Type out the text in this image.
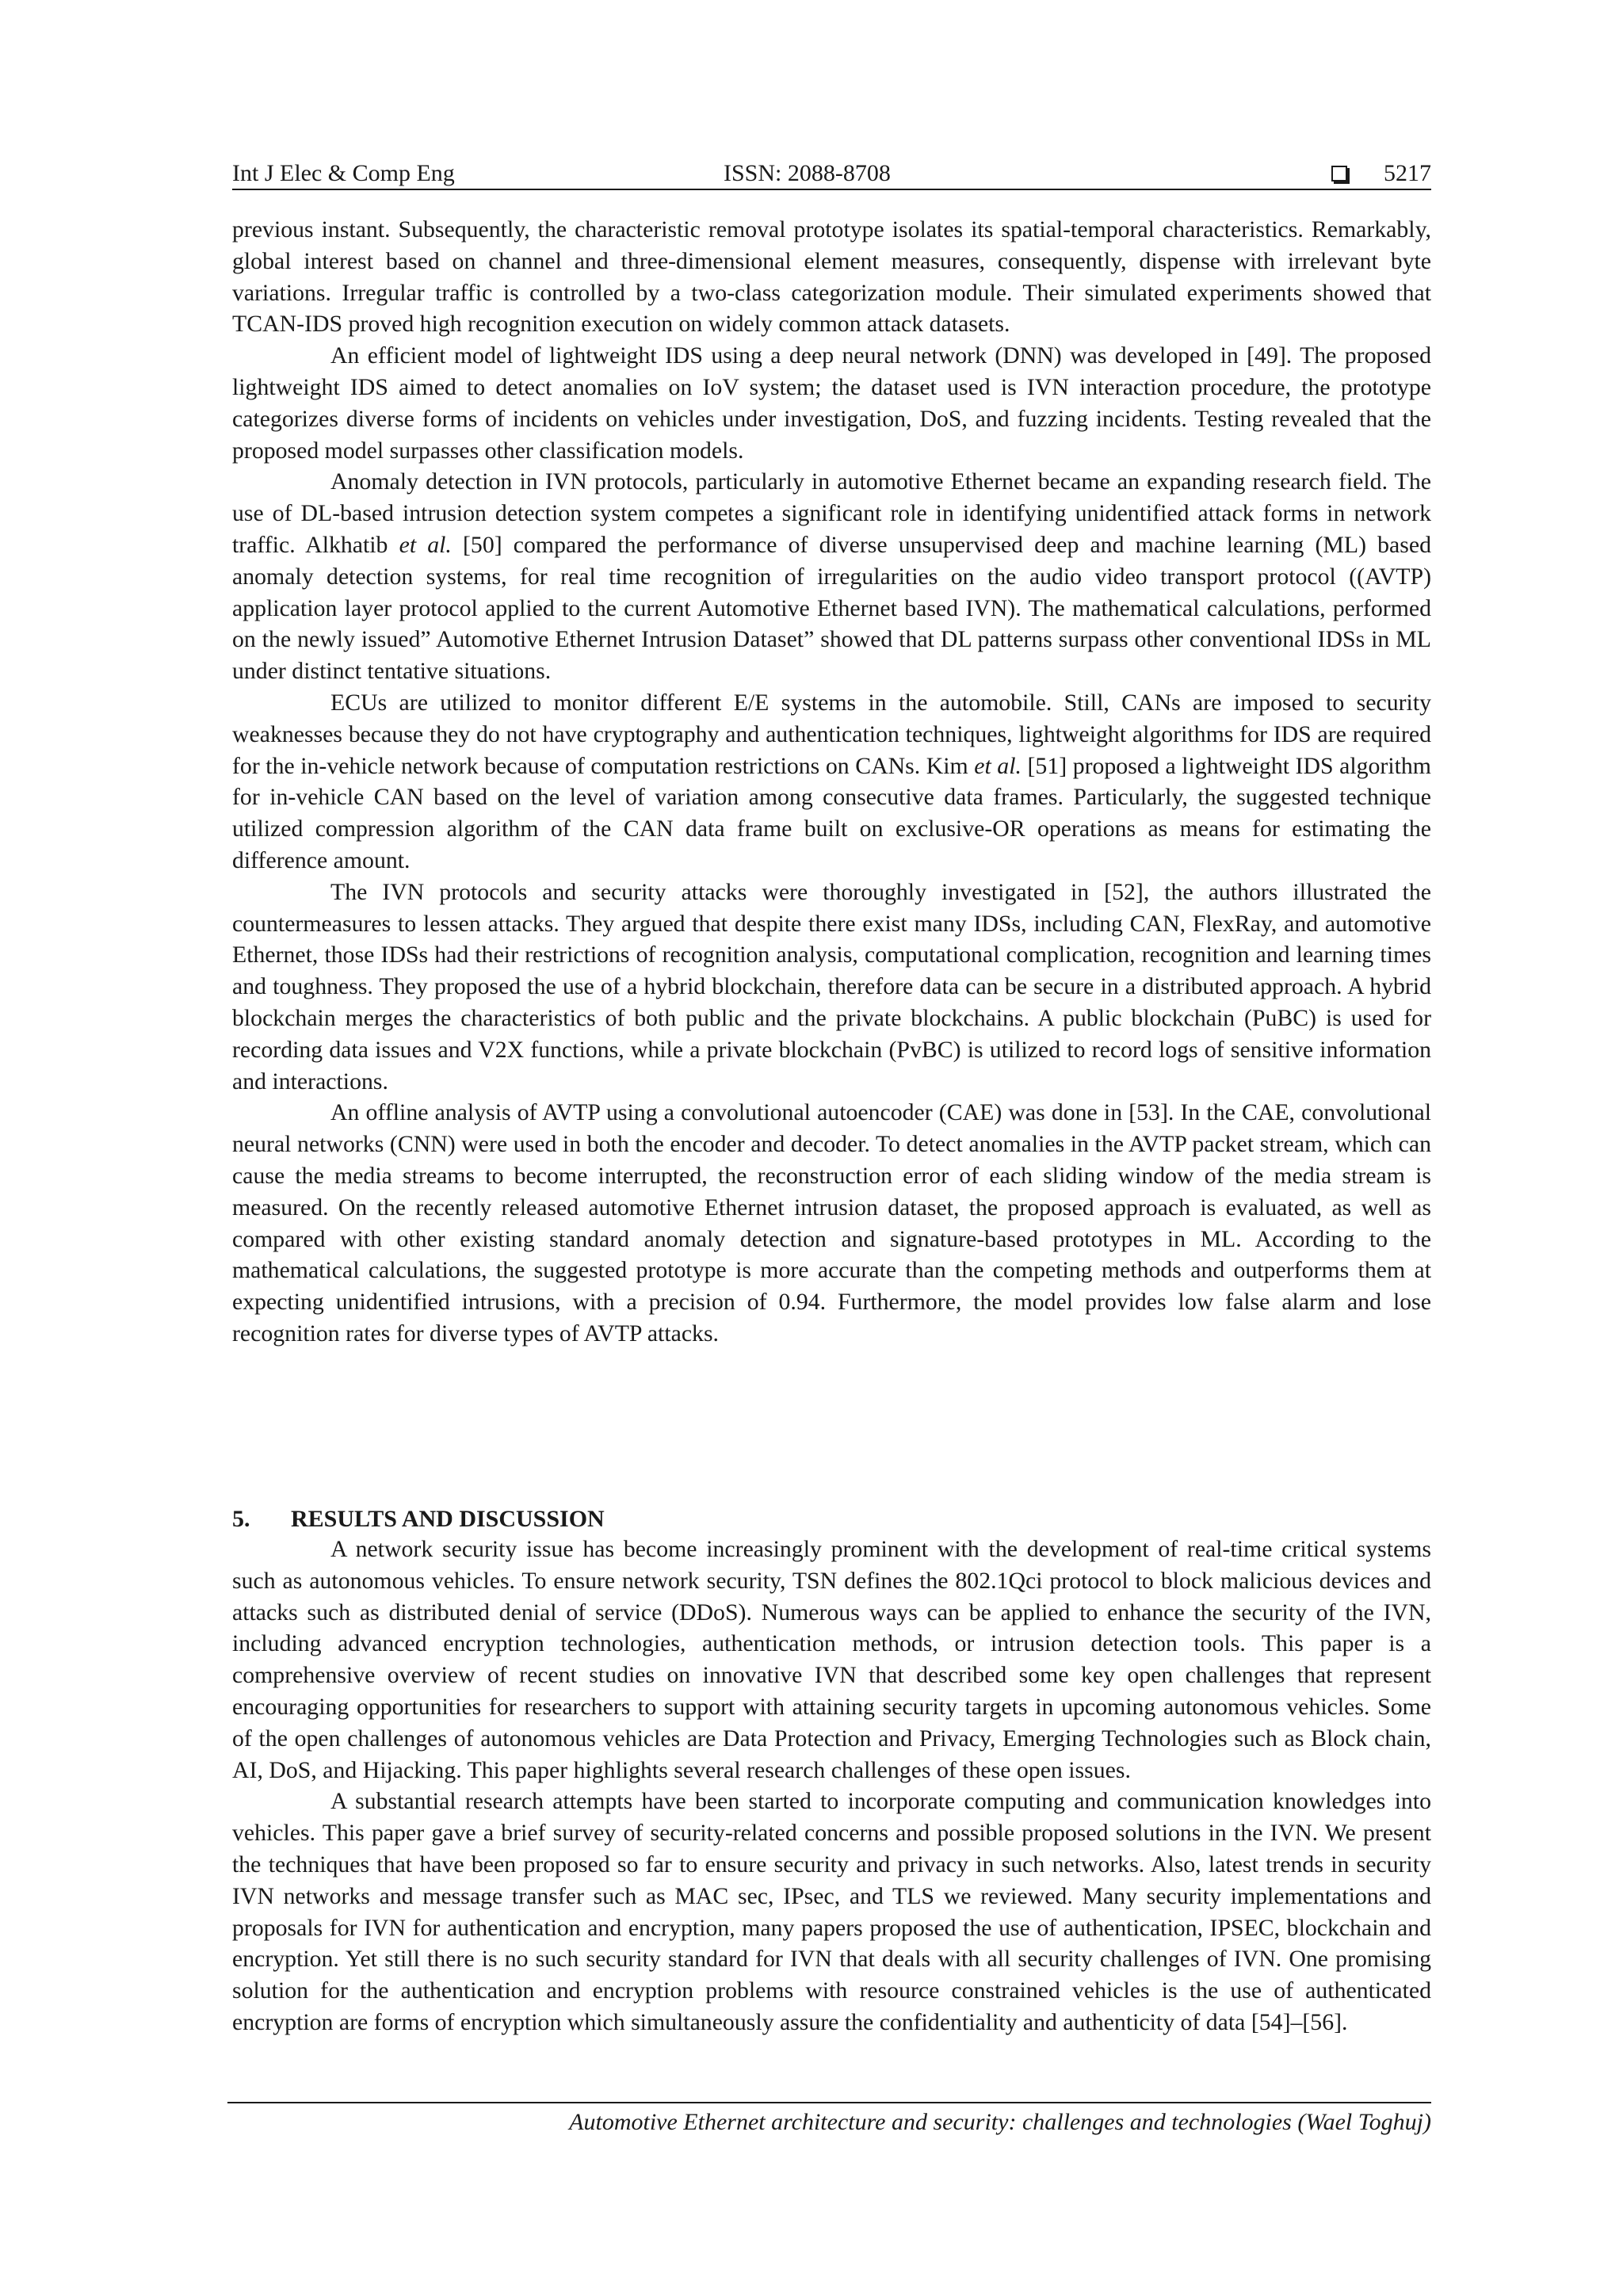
Int J Elec & Comp Eng	ISSN: 2088-8708	5217

previous instant. Subsequently, the characteristic removal prototype isolates its spatial-temporal characteristics. Remarkably, global interest based on channel and three-dimensional element measures, consequently, dispense with irrelevant byte variations. Irregular traffic is controlled by a two-class categorization module. Their simulated experiments showed that TCAN-IDS proved high recognition execution on widely common attack datasets.

An efficient model of lightweight IDS using a deep neural network (DNN) was developed in [49]. The proposed lightweight IDS aimed to detect anomalies on IoV system; the dataset used is IVN interaction procedure, the prototype categorizes diverse forms of incidents on vehicles under investigation, DoS, and fuzzing incidents. Testing revealed that the proposed model surpasses other classification models.

Anomaly detection in IVN protocols, particularly in automotive Ethernet became an expanding research field. The use of DL-based intrusion detection system competes a significant role in identifying unidentified attack forms in network traffic. Alkhatib et al. [50] compared the performance of diverse unsupervised deep and machine learning (ML) based anomaly detection systems, for real time recognition of irregularities on the audio video transport protocol ((AVTP) application layer protocol applied to the current Automotive Ethernet based IVN). The mathematical calculations, performed on the newly issued” Automotive Ethernet Intrusion Dataset” showed that DL patterns surpass other conventional IDSs in ML under distinct tentative situations.

ECUs are utilized to monitor different E/E systems in the automobile. Still, CANs are imposed to security weaknesses because they do not have cryptography and authentication techniques, lightweight algorithms for IDS are required for the in-vehicle network because of computation restrictions on CANs. Kim et al. [51] proposed a lightweight IDS algorithm for in-vehicle CAN based on the level of variation among consecutive data frames. Particularly, the suggested technique utilized compression algorithm of the CAN data frame built on exclusive-OR operations as means for estimating the difference amount.

The IVN protocols and security attacks were thoroughly investigated in [52], the authors illustrated the countermeasures to lessen attacks. They argued that despite there exist many IDSs, including CAN, FlexRay, and automotive Ethernet, those IDSs had their restrictions of recognition analysis, computational complication, recognition and learning times and toughness. They proposed the use of a hybrid blockchain, therefore data can be secure in a distributed approach. A hybrid blockchain merges the characteristics of both public and the private blockchains. A public blockchain (PuBC) is used for recording data issues and V2X functions, while a private blockchain (PvBC) is utilized to record logs of sensitive information and interactions.

An offline analysis of AVTP using a convolutional autoencoder (CAE) was done in [53]. In the CAE, convolutional neural networks (CNN) were used in both the encoder and decoder. To detect anomalies in the AVTP packet stream, which can cause the media streams to become interrupted, the reconstruction error of each sliding window of the media stream is measured. On the recently released automotive Ethernet intrusion dataset, the proposed approach is evaluated, as well as compared with other existing standard anomaly detection and signature-based prototypes in ML. According to the mathematical calculations, the suggested prototype is more accurate than the competing methods and outperforms them at expecting unidentified intrusions, with a precision of 0.94. Furthermore, the model provides low false alarm and lose recognition rates for diverse types of AVTP attacks.

5. RESULTS AND DISCUSSION

A network security issue has become increasingly prominent with the development of real-time critical systems such as autonomous vehicles. To ensure network security, TSN defines the 802.1Qci protocol to block malicious devices and attacks such as distributed denial of service (DDoS). Numerous ways can be applied to enhance the security of the IVN, including advanced encryption technologies, authentication methods, or intrusion detection tools. This paper is a comprehensive overview of recent studies on innovative IVN that described some key open challenges that represent encouraging opportunities for researchers to support with attaining security targets in upcoming autonomous vehicles. Some of the open challenges of autonomous vehicles are Data Protection and Privacy, Emerging Technologies such as Block chain, AI, DoS, and Hijacking. This paper highlights several research challenges of these open issues.

A substantial research attempts have been started to incorporate computing and communication knowledges into vehicles. This paper gave a brief survey of security-related concerns and possible proposed solutions in the IVN. We present the techniques that have been proposed so far to ensure security and privacy in such networks. Also, latest trends in security IVN networks and message transfer such as MAC sec, IPsec, and TLS we reviewed. Many security implementations and proposals for IVN for authentication and encryption, many papers proposed the use of authentication, IPSEC, blockchain and encryption. Yet still there is no such security standard for IVN that deals with all security challenges of IVN. One promising solution for the authentication and encryption problems with resource constrained vehicles is the use of authenticated encryption are forms of encryption which simultaneously assure the confidentiality and authenticity of data [54]–[56].

Automotive Ethernet architecture and security: challenges and technologies (Wael Toghuj)
